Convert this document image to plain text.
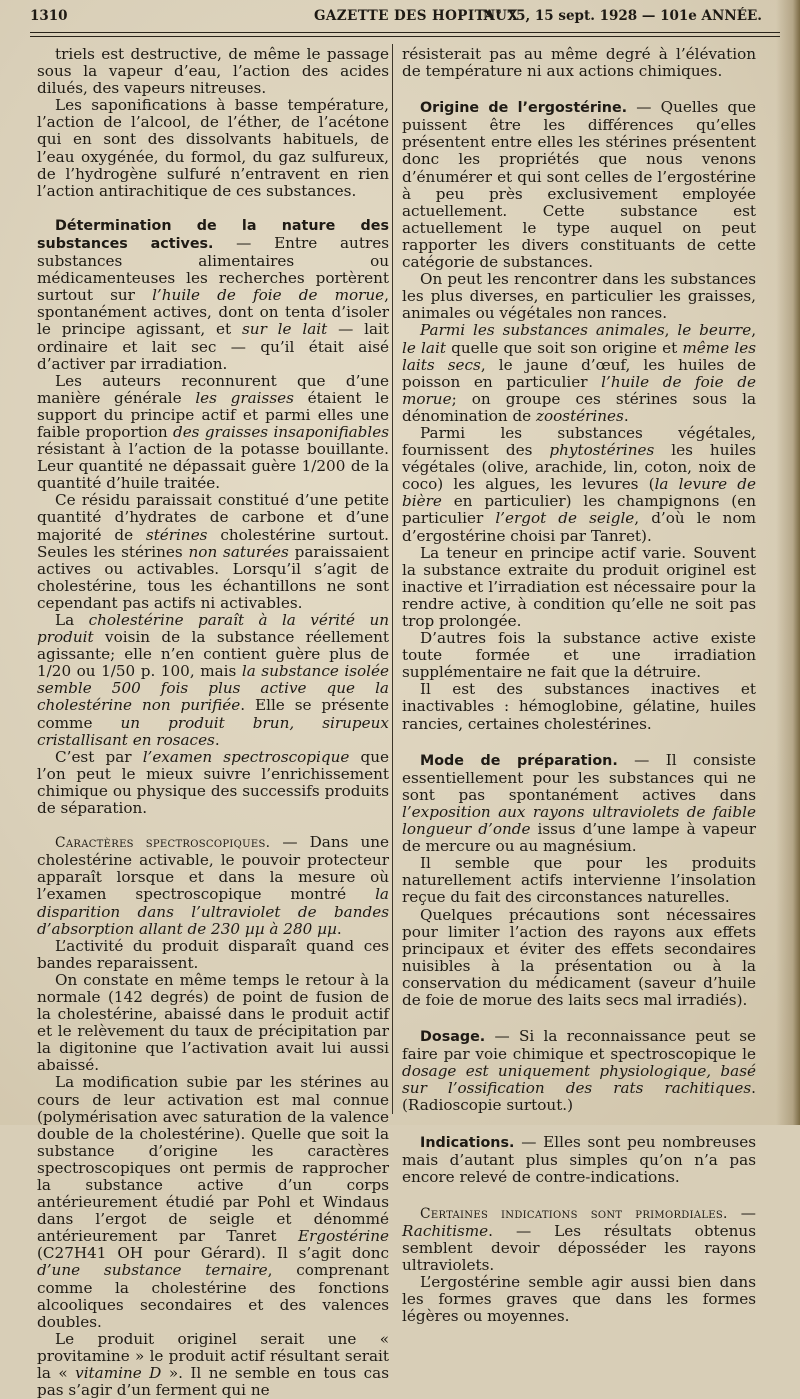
1310	GAZETTE DES HOPITAUX
N° 75, 15 sept. 1928 — 101e ANNÉE.

triels est destructive, de même le passage sous la vapeur d’eau, l’action des acides dilués, des vapeurs nitreuses.

Les saponifications à basse température, l’action de l’alcool, de l’éther, de l’acétone qui en sont des dissolvants habituels, de l’eau oxygénée, du formol, du gaz sulfureux, de l’hydrogène sulfuré n’entravent en rien l’action antirachitique de ces substances.

Détermination de la nature des substances actives. — Entre autres substances alimentaires ou médicamenteuses les recherches portèrent surtout sur l’huile de foie de morue, spontanément actives, dont on tenta d’isoler le principe agissant, et sur le lait — lait ordinaire et lait sec — qu’il était aisé d’activer par irradiation.

Les auteurs reconnurent que d’une manière générale les graisses étaient le support du principe actif et parmi elles une faible proportion des graisses insaponifiables résistant à l’action de la potasse bouillante. Leur quantité ne dépassait guère 1/200 de la quantité d’huile traitée.

Ce résidu paraissait constitué d’une petite quantité d’hydrates de carbone et d’une majorité de stérines cholestérine surtout. Seules les stérines non saturées paraissaient actives ou activables. Lorsqu’il s’agit de cholestérine, tous les échantillons ne sont cependant pas actifs ni activables.

La cholestérine paraît à la vérité un produit voisin de la substance réellement agissante; elle n’en contient guère plus de 1/20 ou 1/50 p. 100, mais la substance isolée semble 500 fois plus active que la cholestérine non purifiée. Elle se présente comme un produit brun, sirupeux cristallisant en rosaces.

C’est par l’examen spectroscopique que l’on peut le mieux suivre l’enrichissement chimique ou physique des successifs produits de séparation.

Caractères spectroscopiques. — Dans une cholestérine activable, le pouvoir protecteur apparaît lorsque et dans la mesure où l’examen spectroscopique montré la disparition dans l’ultraviolet de bandes d’absorption allant de 230 µµ à 280 µµ.

L’activité du produit disparaît quand ces bandes reparaissent.

On constate en même temps le retour à la normale (142 degrés) de point de fusion de la cholestérine, abaissé dans le produit actif et le relèvement du taux de précipitation par la digitonine que l’activation avait lui aussi abaissé.

La modification subie par les stérines au cours de leur activation est mal connue (polymérisation avec saturation de la valence double de la cholestérine). Quelle que soit la substance d’origine les caractères spectroscopiques ont permis de rapprocher la substance active d’un corps antérieurement étudié par Pohl et Windaus dans l’ergot de seigle et dénommé antérieurement par Tanret Ergostérine (C27H41 OH pour Gérard). Il s’agit donc d’une substance ternaire, comprenant comme la cholestérine des fonctions alcooliques secondaires et des valences doubles.

Le produit originel serait une « provitamine » le produit actif résultant serait la « vitamine D ». Il ne semble en tous cas pas s’agir d’un ferment qui ne

résisterait pas au même degré à l’élévation de température ni aux actions chimiques.

Origine de l’ergostérine. — Quelles que puissent être les différences qu’elles présentent entre elles les stérines présentent donc les propriétés que nous venons d’énumérer et qui sont celles de l’ergostérine à peu près exclusivement employée actuellement. Cette substance est actuellement le type auquel on peut rapporter les divers constituants de cette catégorie de substances.

On peut les rencontrer dans les substances les plus diverses, en particulier les graisses, animales ou végétales non rances.

Parmi les substances animales, le beurre, le lait quelle que soit son origine et même les laits secs, le jaune d’œuf, les huiles de poisson en particulier l’huile de foie de morue; on groupe ces stérines sous la dénomination de zoostérines.

Parmi les substances végétales, fournissent des phytostérines les huiles végétales (olive, arachide, lin, coton, noix de coco) les algues, les levures (la levure de bière en particulier) les champignons (en particulier l’ergot de seigle, d’où le nom d’ergostérine choisi par Tanret).

La teneur en principe actif varie. Souvent la substance extraite du produit originel est inactive et l’irradiation est nécessaire pour la rendre active, à condition qu’elle ne soit pas trop prolongée.

D’autres fois la substance active existe toute formée et une irradiation supplémentaire ne fait que la détruire.

Il est des substances inactives et inactivables : hémoglobine, gélatine, huiles rancies, certaines cholestérines.

Mode de préparation. — Il consiste essentiellement pour les substances qui ne sont pas spontanément actives dans l’exposition aux rayons ultraviolets de faible longueur d’onde issus d’une lampe à vapeur de mercure ou au magnésium.

Il semble que pour les produits naturellement actifs intervienne l’insolation reçue du fait des circonstances naturelles.

Quelques précautions sont nécessaires pour limiter l’action des rayons aux effets principaux et éviter des effets secondaires nuisibles à la présentation ou à la conservation du médicament (saveur d’huile de foie de morue des laits secs mal irradiés).

Dosage. — Si la reconnaissance peut se faire par voie chimique et spectroscopique le dosage est uniquement physiologique, basé sur l’ossification des rats rachitiques. (Radioscopie surtout.)

Indications. — Elles sont peu nombreuses mais d’autant plus simples qu’on n’a pas encore relevé de contre-indications.

Certaines indications sont primordiales. — Rachitisme. — Les résultats obtenus semblent devoir déposséder les rayons ultraviolets.

L’ergostérine semble agir aussi bien dans les formes graves que dans les formes légères ou moyennes.
